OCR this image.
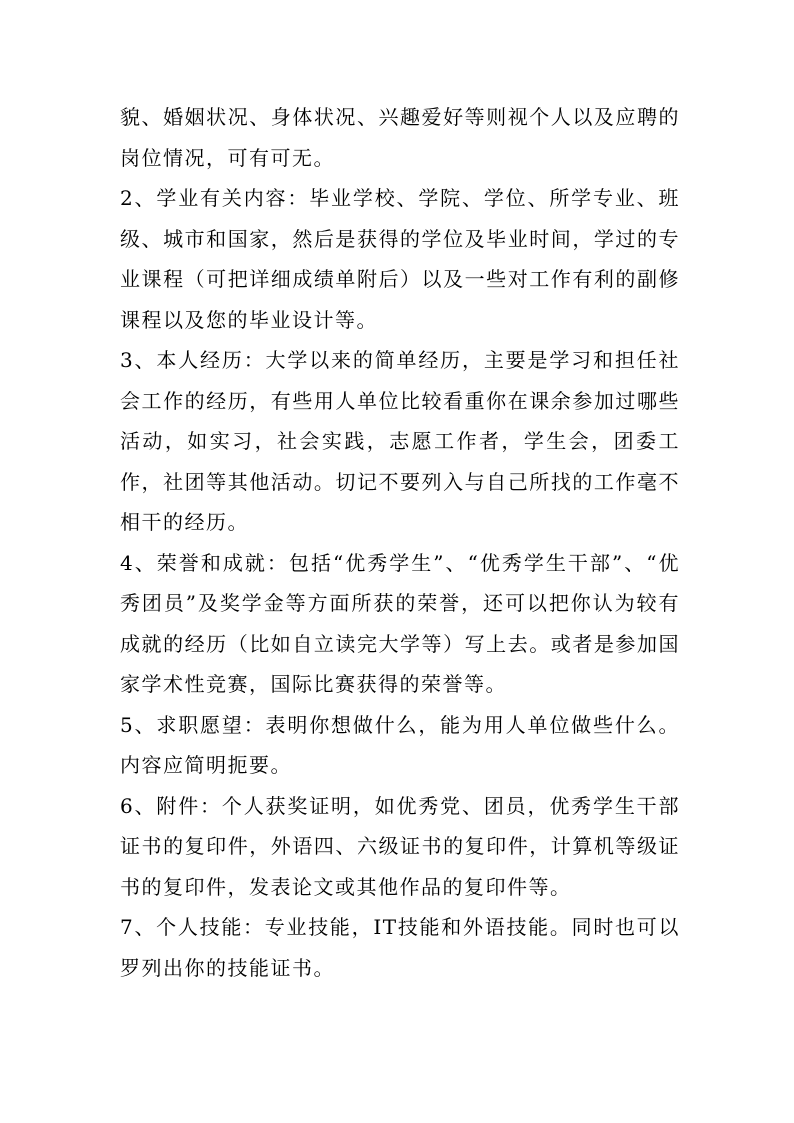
貌、婚姻状况、身体状况、兴趣爱好等则视个人以及应聘的岗位情况，可有可无。

2、学业有关内容：毕业学校、学院、学位、所学专业、班级、城市和国家，然后是获得的学位及毕业时间，学过的专业课程（可把详细成绩单附后）以及一些对工作有利的副修课程以及您的毕业设计等。

3、本人经历：大学以来的简单经历，主要是学习和担任社会工作的经历，有些用人单位比较看重你在课余参加过哪些活动，如实习，社会实践，志愿工作者，学生会，团委工作，社团等其他活动。切记不要列入与自己所找的工作毫不相干的经历。

4、荣誉和成就：包括“优秀学生”、“优秀学生干部”、“优秀团员”及奖学金等方面所获的荣誉，还可以把你认为较有成就的经历（比如自立读完大学等）写上去。或者是参加国家学术性竞赛，国际比赛获得的荣誉等。

5、求职愿望：表明你想做什么，能为用人单位做些什么。内容应简明扼要。

6、附件：个人获奖证明，如优秀党、团员，优秀学生干部证书的复印件，外语四、六级证书的复印件，计算机等级证书的复印件，发表论文或其他作品的复印件等。

7、个人技能：专业技能，IT技能和外语技能。同时也可以罗列出你的技能证书。
